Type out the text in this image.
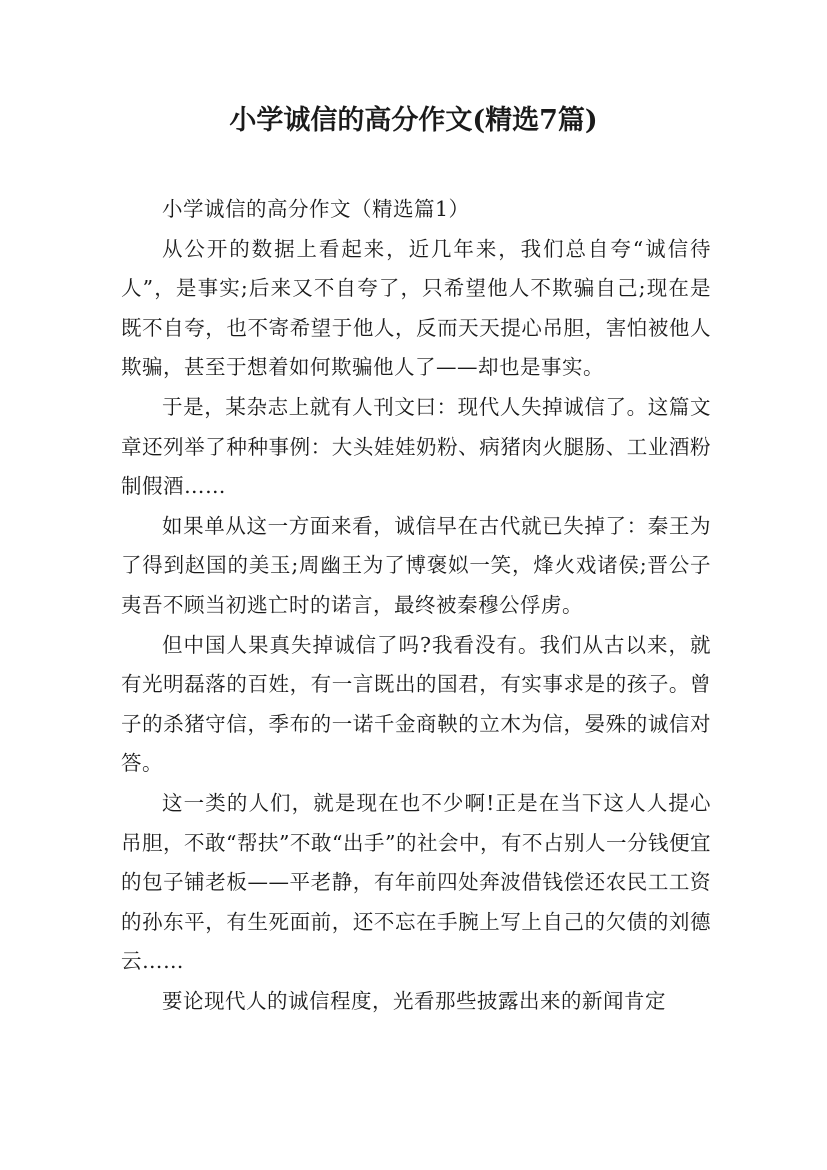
小学诚信的高分作文(精选7篇)

小学诚信的高分作文（精选篇1）

从公开的数据上看起来，近几年来，我们总自夸“诚信待人”，是事实;后来又不自夸了，只希望他人不欺骗自己;现在是既不自夸，也不寄希望于他人，反而天天提心吊胆，害怕被他人欺骗，甚至于想着如何欺骗他人了——却也是事实。

于是，某杂志上就有人刊文曰：现代人失掉诚信了。这篇文章还列举了种种事例：大头娃娃奶粉、病猪肉火腿肠、工业酒粉制假酒……

如果单从这一方面来看，诚信早在古代就已失掉了：秦王为了得到赵国的美玉;周幽王为了博褒姒一笑，烽火戏诸侯;晋公子夷吾不顾当初逃亡时的诺言，最终被秦穆公俘虏。

但中国人果真失掉诚信了吗?我看没有。我们从古以来，就有光明磊落的百姓，有一言既出的国君，有实事求是的孩子。曾子的杀猪守信，季布的一诺千金商鞅的立木为信，晏殊的诚信对答。

这一类的人们，就是现在也不少啊!正是在当下这人人提心吊胆，不敢“帮扶”不敢“出手”的社会中，有不占别人一分钱便宜的包子铺老板——平老静，有年前四处奔波借钱偿还农民工工资的孙东平，有生死面前，还不忘在手腕上写上自己的欠债的刘德云……

要论现代人的诚信程度，光看那些披露出来的新闻肯定
